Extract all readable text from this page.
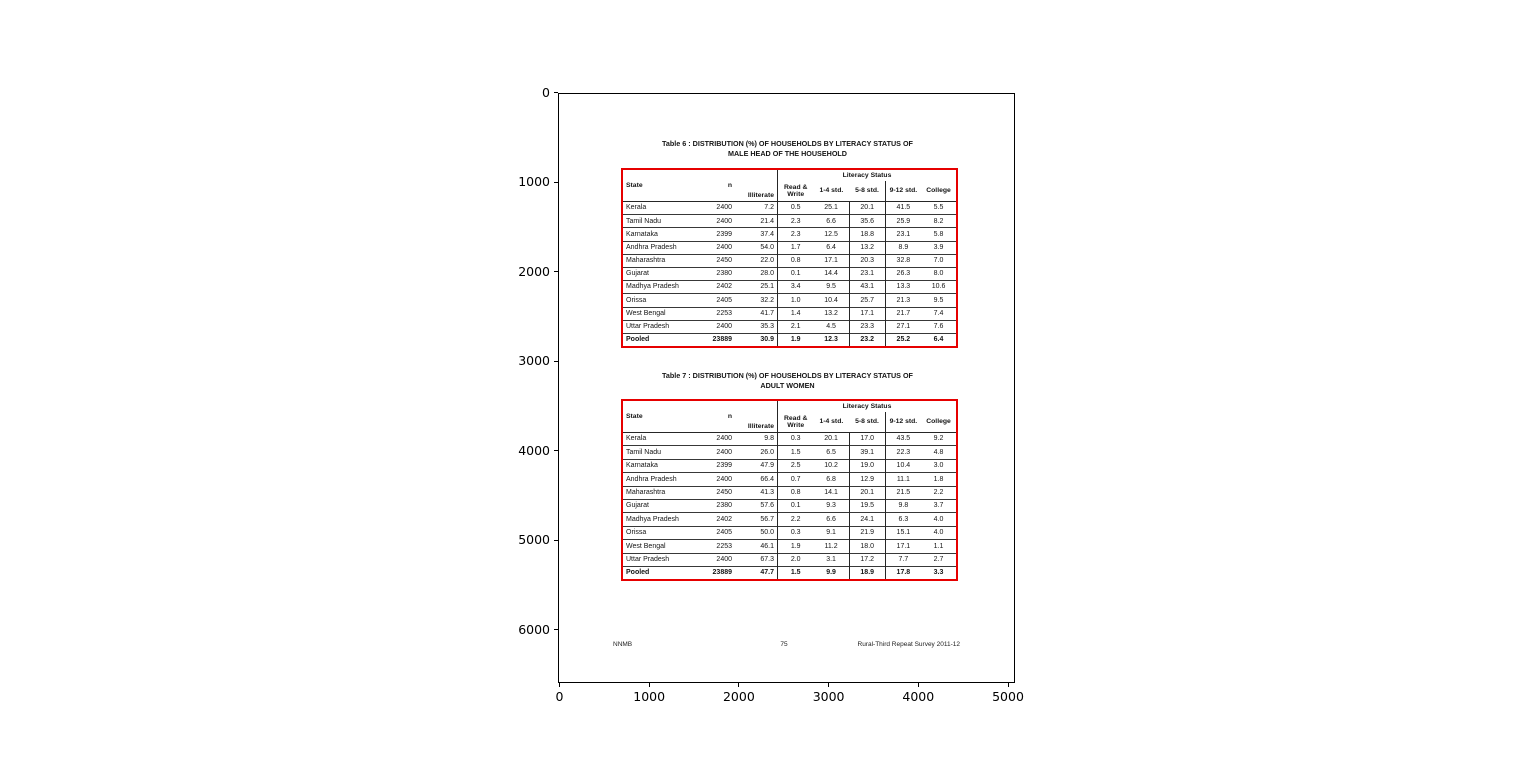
Table 6 : DISTRIBUTION (%) OF HOUSEHOLDS BY LITERACY STATUS OF
MALE HEAD OF THE HOUSEHOLD
State	n	Illiterate	Literacy Status				
			Read & Write	1-4 std.	5-8 std.	9-12 std.	College
Kerala	2400	7.2	0.5	25.1	20.1	41.5	5.5
Tamil Nadu	2400	21.4	2.3	6.6	35.6	25.9	8.2
Karnataka	2399	37.4	2.3	12.5	18.8	23.1	5.8
Andhra Pradesh	2400	54.0	1.7	6.4	13.2	8.9	3.9
Maharashtra	2450	22.0	0.8	17.1	20.3	32.8	7.0
Gujarat	2380	28.0	0.1	14.4	23.1	26.3	8.0
Madhya Pradesh	2402	25.1	3.4	9.5	43.1	13.3	10.6
Orissa	2405	32.2	1.0	10.4	25.7	21.3	9.5
West Bengal	2253	41.7	1.4	13.2	17.1	21.7	7.4
Uttar Pradesh	2400	35.3	2.1	4.5	23.3	27.1	7.6
Pooled	23889	30.9	1.9	12.3	23.2	25.2	6.4
Table 7 : DISTRIBUTION (%) OF HOUSEHOLDS BY LITERACY STATUS OF
ADULT WOMEN
State	n	Illiterate	Literacy Status				
			Read & Write	1-4 std.	5-8 std.	9-12 std.	College
Kerala	2400	9.8	0.3	20.1	17.0	43.5	9.2
Tamil Nadu	2400	26.0	1.5	6.5	39.1	22.3	4.8
Karnataka	2399	47.9	2.5	10.2	19.0	10.4	3.0
Andhra Pradesh	2400	66.4	0.7	6.8	12.9	11.1	1.8
Maharashtra	2450	41.3	0.8	14.1	20.1	21.5	2.2
Gujarat	2380	57.6	0.1	9.3	19.5	9.8	3.7
Madhya Pradesh	2402	56.7	2.2	6.6	24.1	6.3	4.0
Orissa	2405	50.0	0.3	9.1	21.9	15.1	4.0
West Bengal	2253	46.1	1.9	11.2	18.0	17.1	1.1
Uttar Pradesh	2400	67.3	2.0	3.1	17.2	7.7	2.7
Pooled	23889	47.7	1.5	9.9	18.9	17.8	3.3
NNMB	75	Rural-Third Repeat Survey 2011-12
0
1000
2000
3000
4000
5000
6000
0	1000	2000	3000	4000	5000
